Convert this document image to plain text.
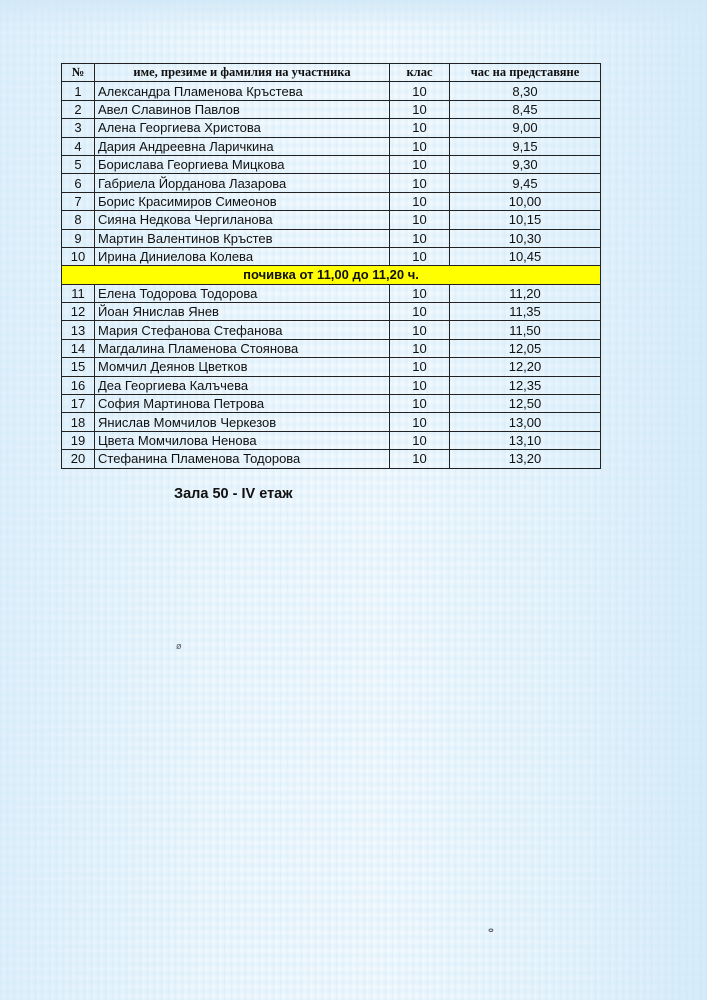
№	име, презиме и фамилия на участника	клас	час на представяне
1	Александра Пламенова Кръстева	10	8,30
2	Авел Славинов Павлов	10	8,45
3	Алена Георгиева Христова	10	9,00
4	Дария Андреевна Ларичкина	10	9,15
5	Борислава Георгиева Мицкова	10	9,30
6	Габриела Йорданова Лазарова	10	9,45
7	Борис Красимиров Симеонов	10	10,00
8	Сияна Недкова Чергиланова	10	10,15
9	Мартин Валентинов Кръстев	10	10,30
10	Ирина Диниелова Колева	10	10,45
почивка от 11,00 до 11,20 ч.			
11	Елена Тодорова Тодорова	10	11,20
12	Йоан Янислав Янев	10	11,35
13	Мария Стефанова Стефанова	10	11,50
14	Магдалина Пламенова Стоянова	10	12,05
15	Момчил Деянов Цветков	10	12,20
16	Деа Георгиева Калъчева	10	12,35
17	София Мартинова Петрова	10	12,50
18	Янислав Момчилов Черкезов	10	13,00
19	Цвета Момчилова Ненова	10	13,10
20	Стефанина Пламенова Тодорова	10	13,20
Зала 50 - IV етаж
ø
ⴰ
